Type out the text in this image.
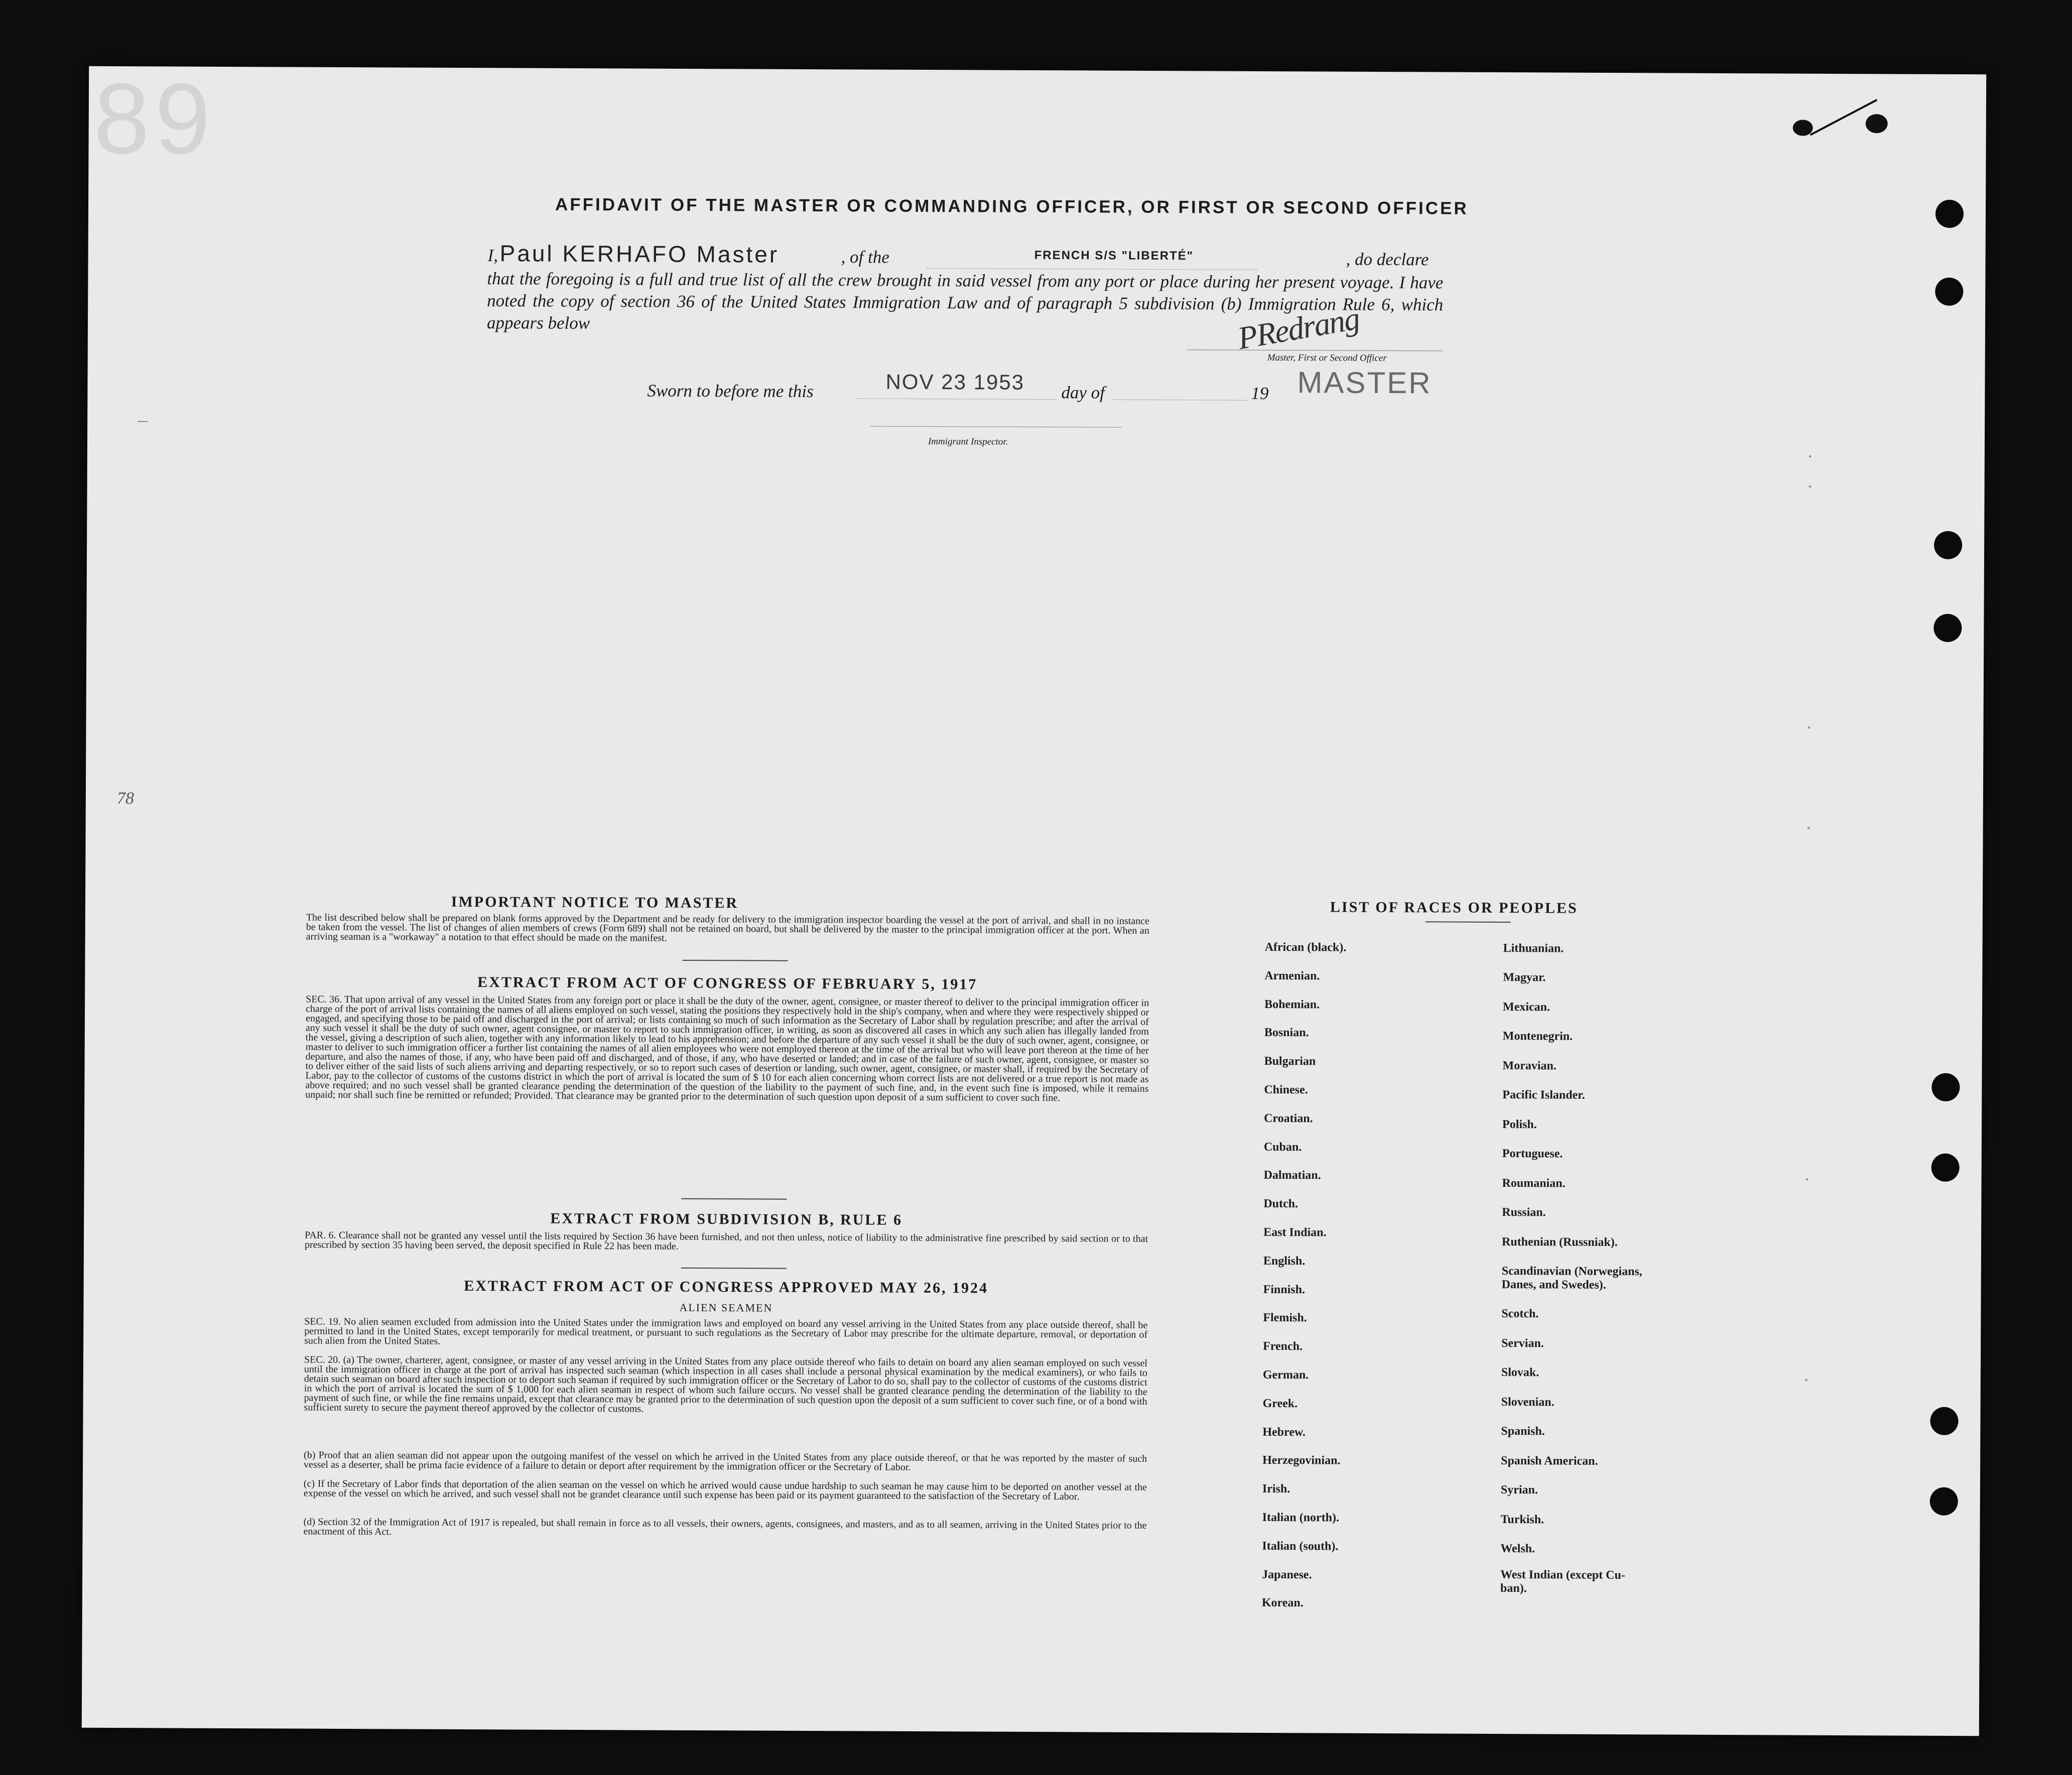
89
78
―
AFFIDAVIT OF THE MASTER OR COMMANDING OFFICER, OR FIRST OR SECOND OFFICER
I, Paul KERHAFO Master	, of the	FRENCH S/S "LIBERTÉ"	, do declare
that the foregoing is a full and true list of all the crew brought in said vessel from any port or place during her present voyage. I have noted the copy of section 36 of the United States Immigration Law and of paragraph 5 subdivision (b) Immigration Rule 6, which appears below	PRedrang
Master, First or Second Officer
Sworn to before me this	NOV 23 1953 day of	19 MASTER
Immigrant Inspector.
IMPORTANT NOTICE TO MASTER
The list described below shall be prepared on blank forms approved by the Department and be ready for delivery to the immigration inspector boarding the vessel at the port of arrival, and shall in no instance be taken from the vessel. The list of changes of alien members of crews (Form 689) shall not be retained on board, but shall be delivered by the master to the principal immigration officer at the port. When an arriving seaman is a "workaway" a notation to that effect should be made on the manifest.
EXTRACT FROM ACT OF CONGRESS OF FEBRUARY 5, 1917
SEC. 36. That upon arrival of any vessel in the United States from any foreign port or place it shall be the duty of the owner, agent, consignee, or master thereof to deliver to the principal immigration officer in charge of the port of arrival lists containing the names of all aliens employed on such vessel, stating the positions they respectively hold in the ship's company, when and where they were respectively shipped or engaged, and specifying those to be paid off and discharged in the port of arrival; or lists containing so much of such information as the Secretary of Labor shall by regulation prescribe; and after the arrival of any such vessel it shall be the duty of such owner, agent consignee, or master to report to such immigration officer, in writing, as soon as discovered all cases in which any such alien has illegally landed from the vessel, giving a description of such alien, together with any information likely to lead to his apprehension; and before the departure of any such vessel it shall be the duty of such owner, agent, consignee, or master to deliver to such immigration officer a further list containing the names of all alien employees who were not employed thereon at the time of the arrival but who will leave port thereon at the time of her departure, and also the names of those, if any, who have been paid off and discharged, and of those, if any, who have deserted or landed; and in case of the failure of such owner, agent, consignee, or master so to deliver either of the said lists of such aliens arriving and departing respectively, or so to report such cases of desertion or landing, such owner, agent, consignee, or master shall, if required by the Secretary of Labor, pay to the collector of customs of the customs district in which the port of arrival is located the sum of $ 10 for each alien concerning whom correct lists are not delivered or a true report is not made as above required; and no such vessel shall be granted clearance pending the determination of the question of the liability to the payment of such fine, and, in the event such fine is imposed, while it remains unpaid; nor shall such fine be remitted or refunded; Provided. That clearance may be granted prior to the determination of such question upon deposit of a sum sufficient to cover such fine.
EXTRACT FROM SUBDIVISION B, RULE 6
PAR. 6. Clearance shall not be granted any vessel until the lists required by Section 36 have been furnished, and not then unless, notice of liability to the administrative fine prescribed by said section or to that prescribed by section 35 having been served, the deposit specified in Rule 22 has been made.
EXTRACT FROM ACT OF CONGRESS APPROVED MAY 26, 1924
ALIEN SEAMEN
SEC. 19. No alien seamen excluded from admission into the United States under the immigration laws and employed on board any vessel arriving in the United States from any place outside thereof, shall be permitted to land in the United States, except temporarily for medical treatment, or pursuant to such regulations as the Secretary of Labor may prescribe for the ultimate departure, removal, or deportation of such alien from the United States.
SEC. 20. (a) The owner, charterer, agent, consignee, or master of any vessel arriving in the United States from any place outside thereof who fails to detain on board any alien seaman employed on such vessel until the immigration officer in charge at the port of arrival has inspected such seaman (which inspection in all cases shall include a personal physical examination by the medical examiners), or who fails to detain such seaman on board after such inspection or to deport such seaman if required by such immigration officer or the Secretary of Labor to do so, shall pay to the collector of customs of the customs district in which the port of arrival is located the sum of $ 1,000 for each alien seaman in respect of whom such failure occurs. No vessel shall be granted clearance pending the determination of the liability to the payment of such fine, or while the fine remains unpaid, except that clearance may be granted prior to the determination of such question upon the deposit of a sum sufficient to cover such fine, or of a bond with sufficient surety to secure the payment thereof approved by the collector of customs.
(b) Proof that an alien seaman did not appear upon the outgoing manifest of the vessel on which he arrived in the United States from any place outside thereof, or that he was reported by the master of such vessel as a deserter, shall be prima facie evidence of a failure to detain or deport after requirement by the immigration officer or the Secretary of Labor.
(c) If the Secretary of Labor finds that deportation of the alien seaman on the vessel on which he arrived would cause undue hardship to such seaman he may cause him to be deported on another vessel at the expense of the vessel on which he arrived, and such vessel shall not be grandet clearance until such expense has been paid or its payment guaranteed to the satisfaction of the Secretary of Labor.
(d) Section 32 of the Immigration Act of 1917 is repealed, but shall remain in force as to all vessels, their owners, agents, consignees, and masters, and as to all seamen, arriving in the United States prior to the enactment of this Act.
LIST OF RACES OR PEOPLES
African (black).
Armenian.
Bohemian.
Bosnian.
Bulgarian
Chinese.
Croatian.
Cuban.
Dalmatian.
Dutch.
East Indian.
English.
Finnish.
Flemish.
French.
German.
Greek.
Hebrew.
Herzegovinian.
Irish.
Italian (north).
Italian (south).
Japanese.
Korean.
Lithuanian.
Magyar.
Mexican.
Montenegrin.
Moravian.
Pacific Islander.
Polish.
Portuguese.
Roumanian.
Russian.
Ruthenian (Russniak).
Scandinavian (Norwegians,
Danes, and Swedes).
Scotch.
Servian.
Slovak.
Slovenian.
Spanish.
Spanish American.
Syrian.
Turkish.
Welsh.
West Indian (except Cu-
ban).
